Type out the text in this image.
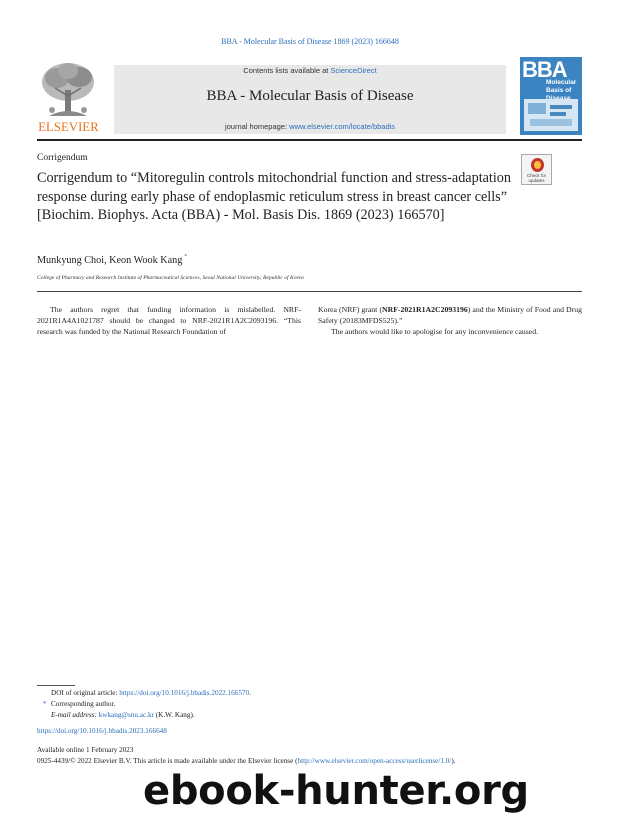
BBA - Molecular Basis of Disease 1869 (2023) 166648
ELSEVIER
Contents lists available at ScienceDirect
BBA - Molecular Basis of Disease
journal homepage: www.elsevier.com/locate/bbadis
BBA
Molecular Basis of
Corrigendum
Corrigendum to “Mitoregulin controls mitochondrial function and stress-adaptation response during early phase of endoplasmic reticulum stress in breast cancer cells” [Biochim. Biophys. Acta (BBA) - Mol. Basis Dis. 1869 (2023) 166570]
Check for updates
Munkyung Choi, Keon Wook Kang *
College of Pharmacy and Research Institute of Pharmaceutical Sciences, Seoul National University, Republic of Korea

The authors regret that funding information is mislabelled. NRF-2021R1A4A1021787 should be changed to NRF-2021R1A2C2093196. “This research was funded by the National Research Foundation of

Korea (NRF) grant (NRF-2021R1A2C2093196) and the Ministry of Food and Drug Safety (20183MFDS525).”

The authors would like to apologise for any inconvenience caused.

DOI of original article: https://doi.org/10.1016/j.bbadis.2022.166570.
* Corresponding author.
E-mail address: kwkang@snu.ac.kr (K.W. Kang).
https://doi.org/10.1016/j.bbadis.2023.166648
Available online 1 February 2023
0925-4439/© 2022 Elsevier B.V. This article is made available under the Elsevier license (http://www.elsevier.com/open-access/userlicense/1.0/).
ebook-hunter.org
